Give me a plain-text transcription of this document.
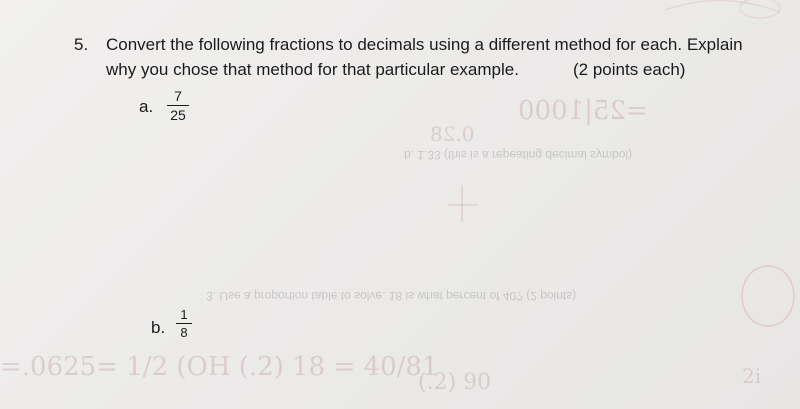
b. 1.33 (this is a repeating decimal symbol)
3. Use a proportion table to solve. 18 is what percent of 40? (2 points)
=25|1000
0.28
=.0625= 1/2 (OH (.2) 18 = 40/81
(.2) 90	2i
5. Convert the following fractions to decimals using a different method for each. Explain
why you chose that method for that particular example.	(2 points each)
a.
7
25
b.
1
8
